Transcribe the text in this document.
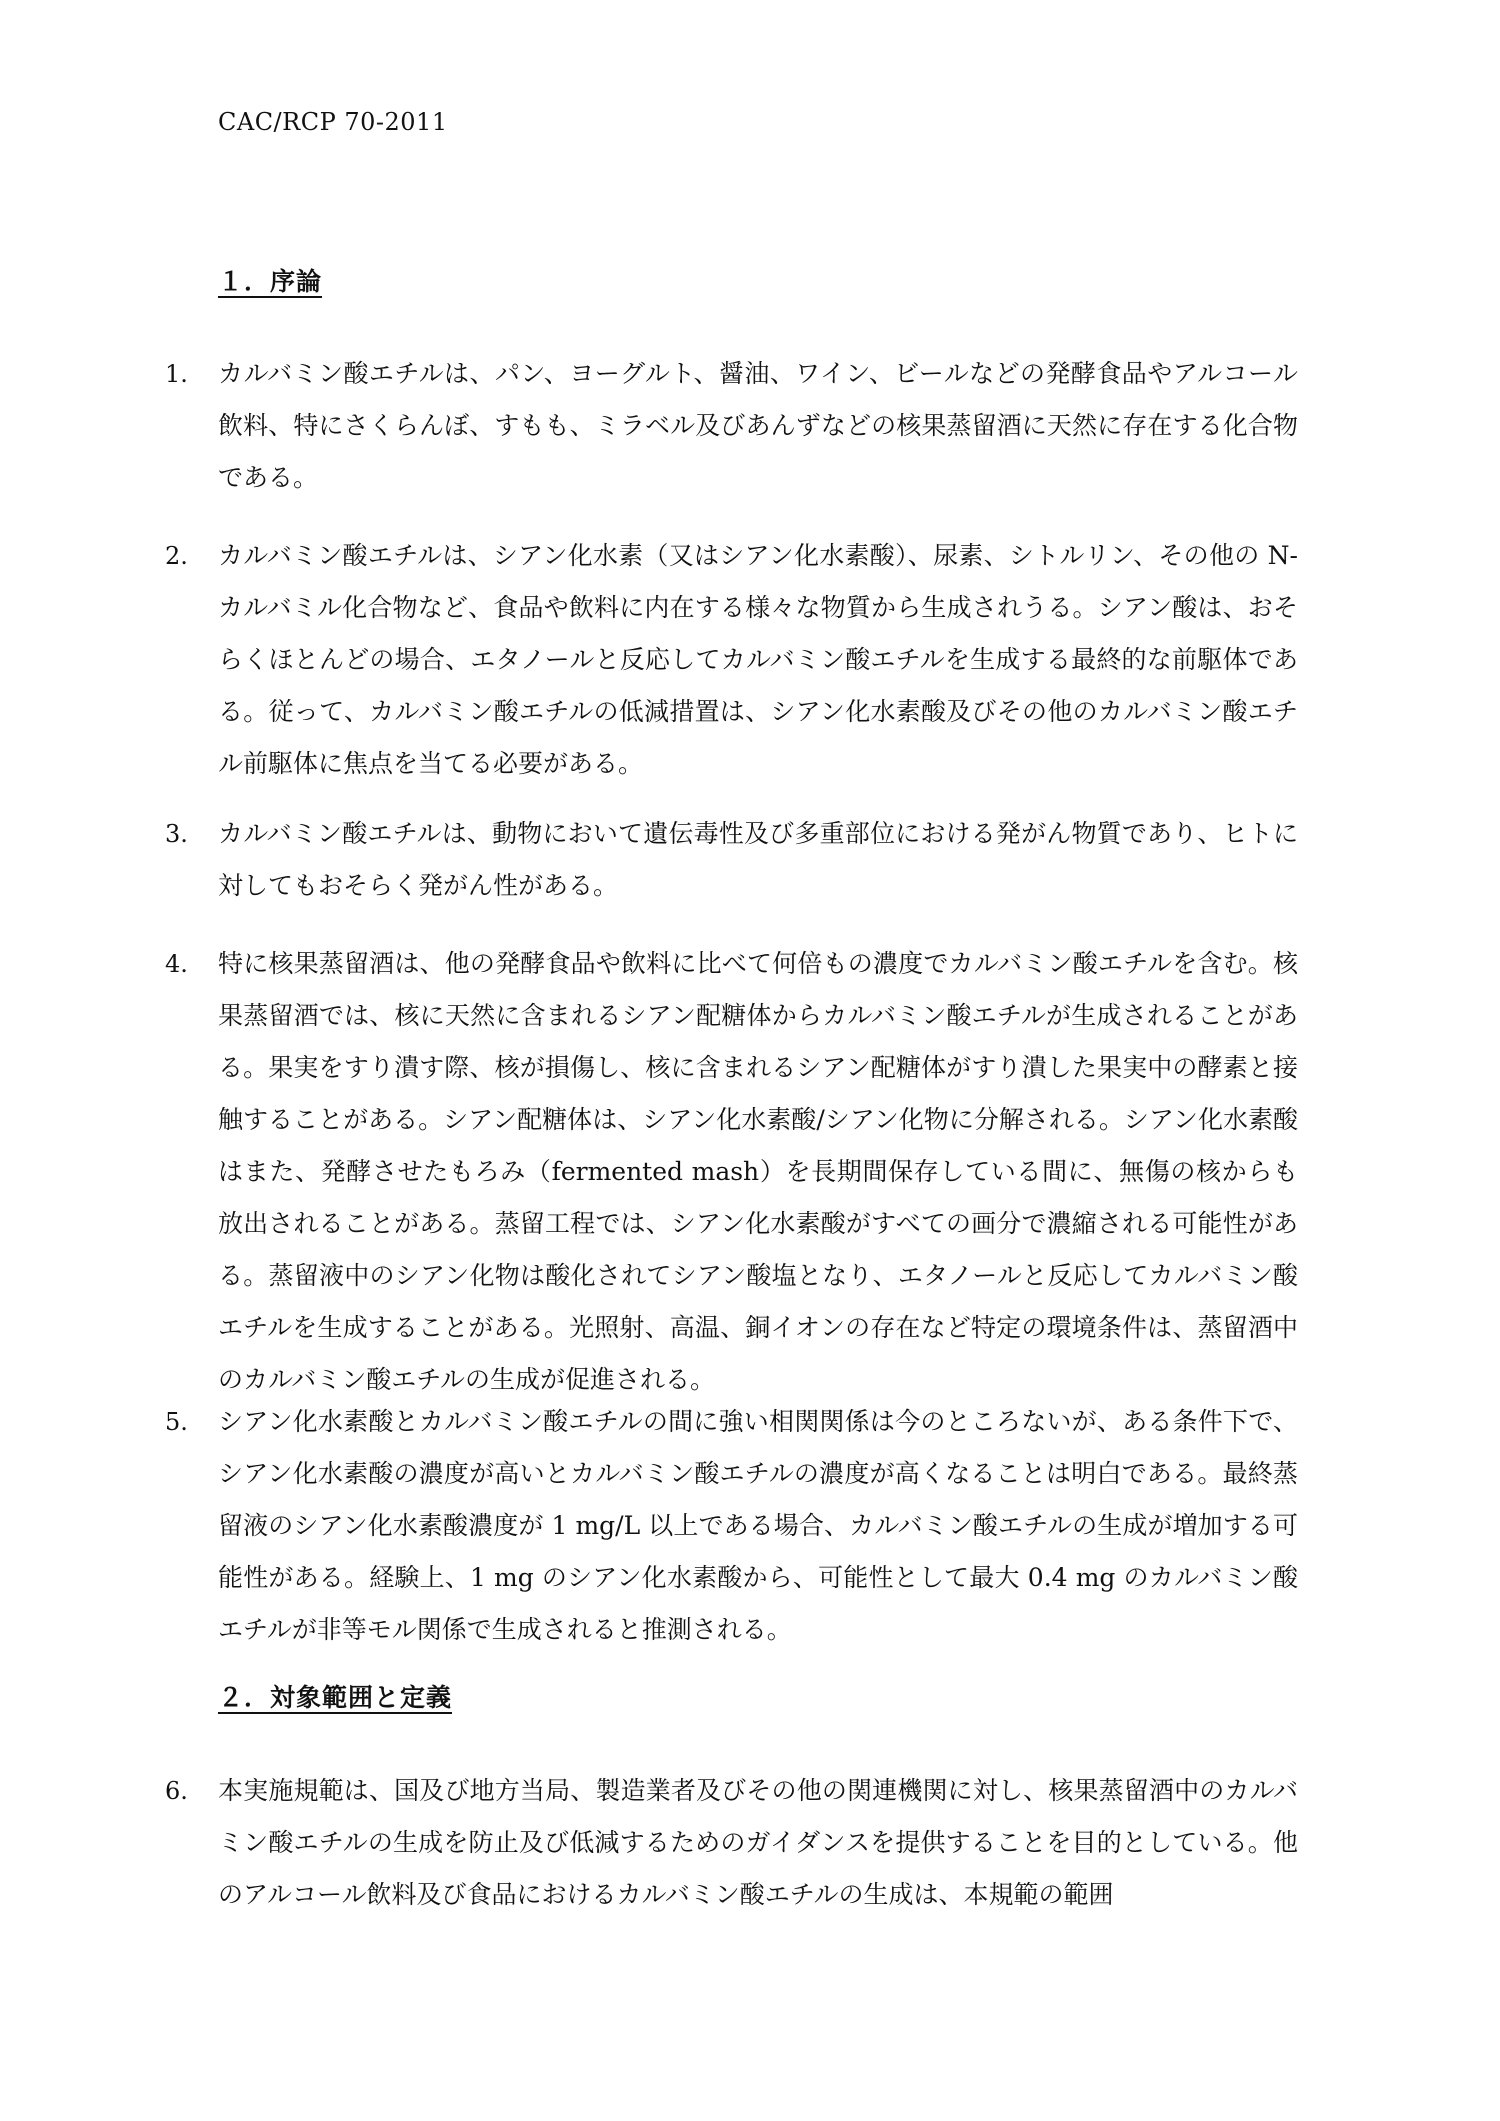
CAC/RCP 70-2011
１．序論
1. カルバミン酸エチルは、パン、ヨーグルト、醤油、ワイン、ビールなどの発酵食品やアルコール飲料、特にさくらんぼ、すもも、ミラベル及びあんずなどの核果蒸留酒に天然に存在する化合物である。
2. カルバミン酸エチルは、シアン化水素（又はシアン化水素酸）、尿素、シトルリン、その他の N-カルバミル化合物など、食品や飲料に内在する様々な物質から生成されうる。シアン酸は、おそらくほとんどの場合、エタノールと反応してカルバミン酸エチルを生成する最終的な前駆体である。従って、カルバミン酸エチルの低減措置は、シアン化水素酸及びその他のカルバミン酸エチル前駆体に焦点を当てる必要がある。
3. カルバミン酸エチルは、動物において遺伝毒性及び多重部位における発がん物質であり、ヒトに対してもおそらく発がん性がある。
4. 特に核果蒸留酒は、他の発酵食品や飲料に比べて何倍もの濃度でカルバミン酸エチルを含む。核果蒸留酒では、核に天然に含まれるシアン配糖体からカルバミン酸エチルが生成されることがある。果実をすり潰す際、核が損傷し、核に含まれるシアン配糖体がすり潰した果実中の酵素と接触することがある。シアン配糖体は、シアン化水素酸/シアン化物に分解される。シアン化水素酸はまた、発酵させたもろみ（fermented mash）を長期間保存している間に、無傷の核からも放出されることがある。蒸留工程では、シアン化水素酸がすべての画分で濃縮される可能性がある。蒸留液中のシアン化物は酸化されてシアン酸塩となり、エタノールと反応してカルバミン酸エチルを生成することがある。光照射、高温、銅イオンの存在など特定の環境条件は、蒸留酒中のカルバミン酸エチルの生成が促進される。
5. シアン化水素酸とカルバミン酸エチルの間に強い相関関係は今のところないが、ある条件下で、シアン化水素酸の濃度が高いとカルバミン酸エチルの濃度が高くなることは明白である。最終蒸留液のシアン化水素酸濃度が 1 mg/L 以上である場合、カルバミン酸エチルの生成が増加する可能性がある。経験上、1 mg のシアン化水素酸から、可能性として最大 0.4 mg のカルバミン酸エチルが非等モル関係で生成されると推測される。
２．対象範囲と定義
6. 本実施規範は、国及び地方当局、製造業者及びその他の関連機関に対し、核果蒸留酒中のカルバミン酸エチルの生成を防止及び低減するためのガイダンスを提供することを目的としている。他のアルコール飲料及び食品におけるカルバミン酸エチルの生成は、本規範の範囲
